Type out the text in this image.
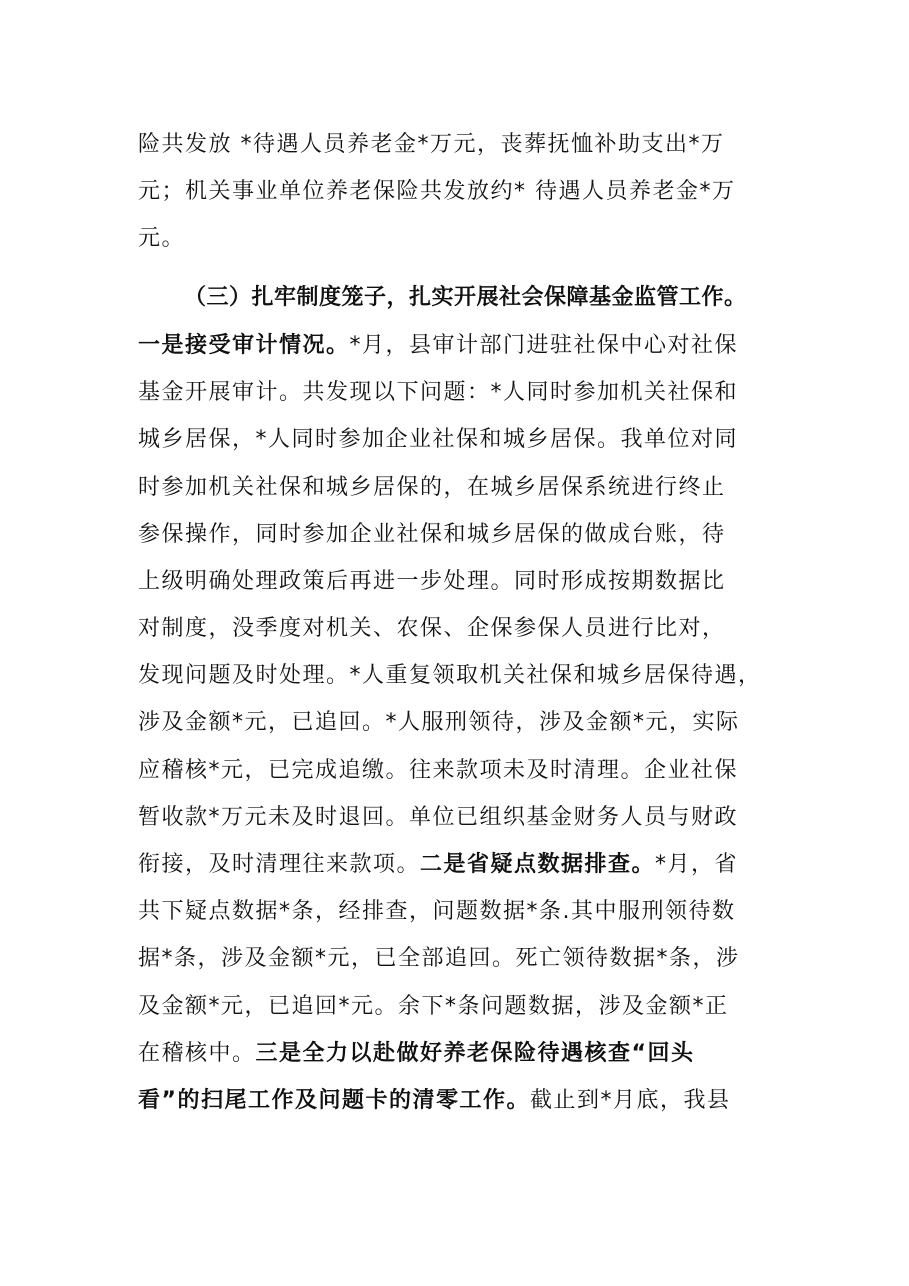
险共发放 *待遇人员养老金*万元，丧葬抚恤补助支出*万
元；机关事业单位养老保险共发放约* 待遇人员养老金*万
元。
（三）扎牢制度笼子，扎实开展社会保障基金监管工作。
一是接受审计情况。*月，县审计部门进驻社保中心对社保
基金开展审计。共发现以下问题：*人同时参加机关社保和
城乡居保，*人同时参加企业社保和城乡居保。我单位对同
时参加机关社保和城乡居保的，在城乡居保系统进行终止
参保操作，同时参加企业社保和城乡居保的做成台账，待
上级明确处理政策后再进一步处理。同时形成按期数据比
对制度，没季度对机关、农保、企保参保人员进行比对，
发现问题及时处理。*人重复领取机关社保和城乡居保待遇，
涉及金额*元，已追回。*人服刑领待，涉及金额*元，实际
应稽核*元，已完成追缴。往来款项未及时清理。企业社保
暂收款*万元未及时退回。单位已组织基金财务人员与财政
衔接，及时清理往来款项。二是省疑点数据排查。*月，省
共下疑点数据*条，经排查，问题数据*条.其中服刑领待数
据*条，涉及金额*元，已全部追回。死亡领待数据*条，涉
及金额*元，已追回*元。余下*条问题数据，涉及金额*正
在稽核中。三是全力以赴做好养老保险待遇核查“回头
看”的扫尾工作及问题卡的清零工作。截止到*月底，我县
